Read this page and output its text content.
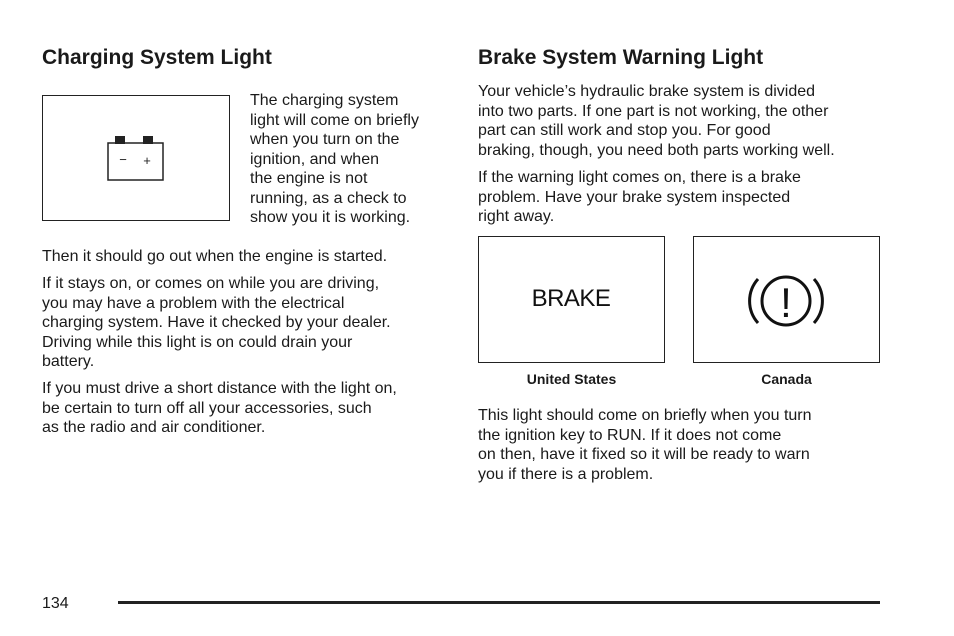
Charging System Light
− +
The charging system
light will come on briefly
when you turn on the
ignition, and when
the engine is not
running, as a check to
show you it is working.
Then it should go out when the engine is started.
If it stays on, or comes on while you are driving,
you may have a problem with the electrical
charging system. Have it checked by your dealer.
Driving while this light is on could drain your
battery.
If you must drive a short distance with the light on,
be certain to turn off all your accessories, such
as the radio and air conditioner.
Brake System Warning Light
Your vehicle’s hydraulic brake system is divided
into two parts. If one part is not working, the other
part can still work and stop you. For good
braking, though, you need both parts working well.
If the warning light comes on, there is a brake
problem. Have your brake system inspected
right away.
BRAKE	!
United States	Canada
This light should come on briefly when you turn
the ignition key to RUN. If it does not come
on then, have it fixed so it will be ready to warn
you if there is a problem.
134
